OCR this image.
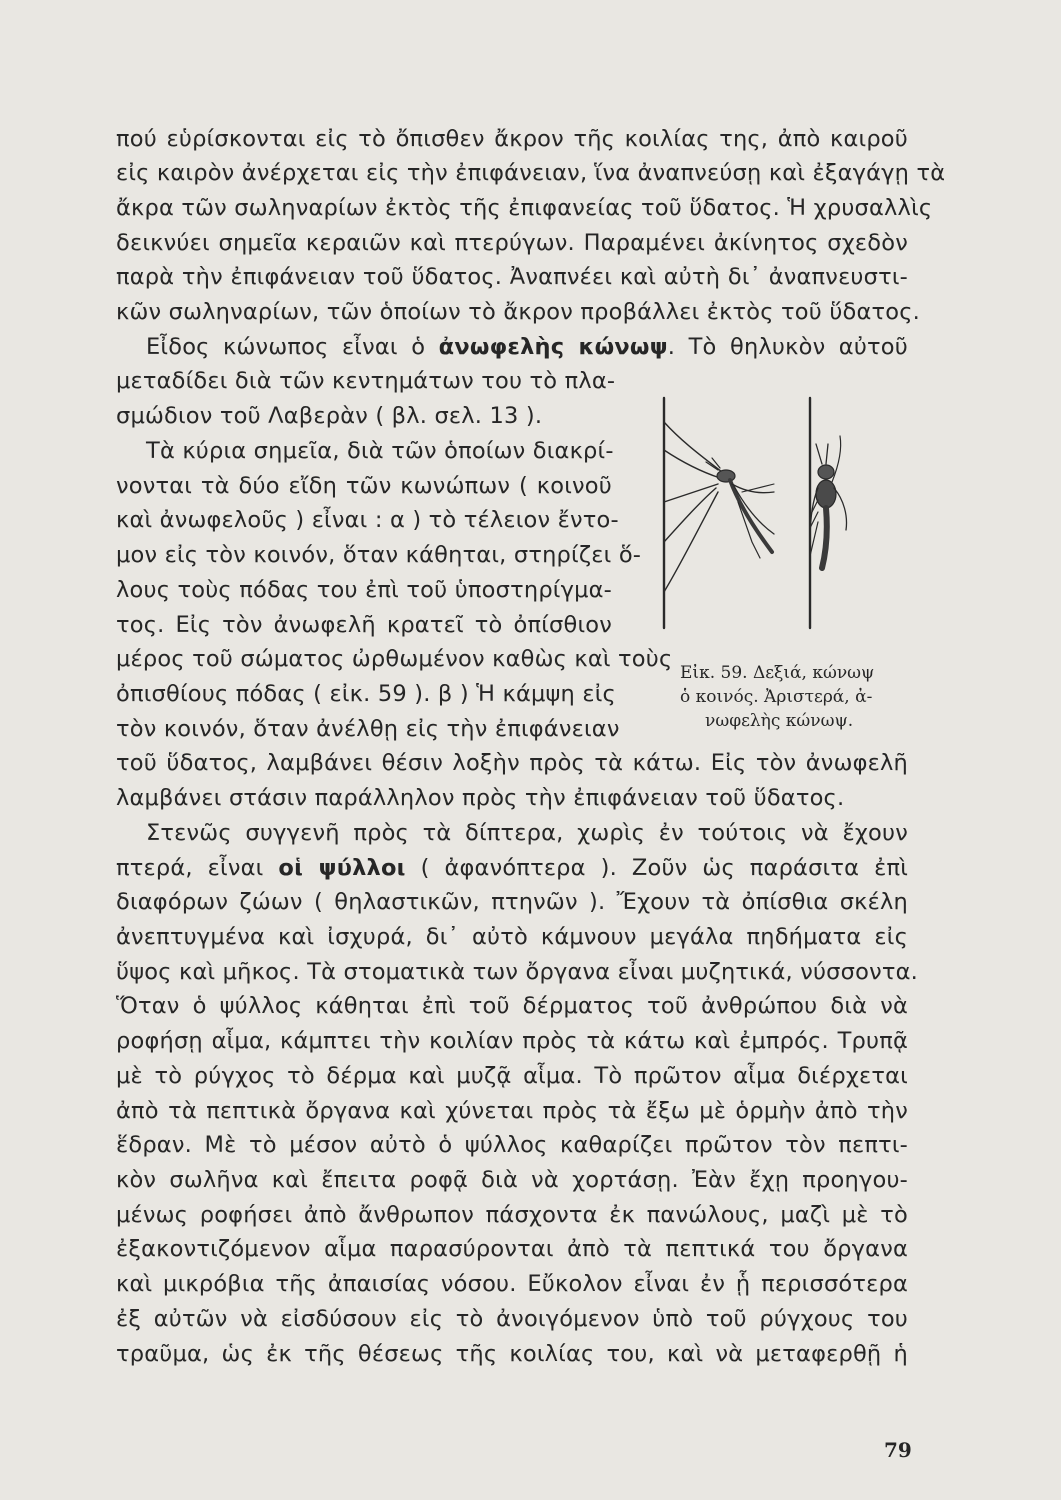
πού εὑρίσκονται εἰς τὸ ὄπισθεν ἄκρον τῆς κοιλίας της, ἀπὸ καιροῦ

εἰς καιρὸν ἀνέρχεται εἰς τὴν ἐπιφάνειαν, ἵνα ἀναπνεύσῃ καὶ ἐξαγάγῃ τὰ

ἄκρα τῶν σωληναρίων ἐκτὸς τῆς ἐπιφανείας τοῦ ὕδατος. Ἡ χρυσαλλὶς

δεικνύει σημεῖα κεραιῶν καὶ πτερύγων. Παραμένει ἀκίνητος σχεδὸν

παρὰ τὴν ἐπιφάνειαν τοῦ ὕδατος. Ἀναπνέει καὶ αὐτὴ δι᾽ ἀναπνευστι-

κῶν σωληναρίων, τῶν ὁποίων τὸ ἄκρον προβάλλει ἐκτὸς τοῦ ὕδατος.

Εἶδος κώνωπος εἶναι ὁ ἀνωφελὴς κώνωψ. Τὸ θηλυκὸν αὐτοῦ

μεταδίδει διὰ τῶν κεντημάτων του τὸ πλα-

σμώδιον τοῦ Λαβερὰν ( βλ. σελ. 13 ).

Τὰ κύρια σημεῖα, διὰ τῶν ὁποίων διακρί-

νονται τὰ δύο εἴδη τῶν κωνώπων ( κοινοῦ

καὶ ἀνωφελοῦς ) εἶναι : α ) τὸ τέλειον ἔντο-

μον εἰς τὸν κοινόν, ὅταν κάθηται, στηρίζει ὅ-

λους τοὺς πόδας του ἐπὶ τοῦ ὑποστηρίγμα-

τος. Εἰς τὸν ἀνωφελῆ κρατεῖ τὸ ὀπίσθιον

μέρος τοῦ σώματος ὠρθωμένον καθὼς καὶ τοὺς

ὀπισθίους πόδας ( εἰκ. 59 ). β ) Ἡ κάμψη εἰς

τὸν κοινόν, ὅταν ἀνέλθῃ εἰς τὴν ἐπιφάνειαν

τοῦ ὕδατος, λαμβάνει θέσιν λοξὴν πρὸς τὰ κάτω. Εἰς τὸν ἀνωφελῆ

λαμβάνει στάσιν παράλληλον πρὸς τὴν ἐπιφάνειαν τοῦ ὕδατος.

Στενῶς συγγενῆ πρὸς τὰ δίπτερα, χωρὶς ἐν τούτοις νὰ ἔχουν

πτερά, εἶναι οἱ ψύλλοι ( ἀφανόπτερα ). Ζοῦν ὡς παράσιτα ἐπὶ

διαφόρων ζώων ( θηλαστικῶν, πτηνῶν ). Ἔχουν τὰ ὀπίσθια σκέλη

ἀνεπτυγμένα καὶ ἰσχυρά, δι᾽ αὐτὸ κάμνουν μεγάλα πηδήματα εἰς

ὕψος καὶ μῆκος. Τὰ στοματικὰ των ὄργανα εἶναι μυζητικά, νύσσοντα.

Ὅταν ὁ ψύλλος κάθηται ἐπὶ τοῦ δέρματος τοῦ ἀνθρώπου διὰ νὰ

ροφήσῃ αἷμα, κάμπτει τὴν κοιλίαν πρὸς τὰ κάτω καὶ ἐμπρός. Τρυπᾷ

μὲ τὸ ρύγχος τὸ δέρμα καὶ μυζᾷ αἷμα. Τὸ πρῶτον αἷμα διέρχεται

ἀπὸ τὰ πεπτικὰ ὄργανα καὶ χύνεται πρὸς τὰ ἔξω μὲ ὁρμὴν ἀπὸ τὴν

ἕδραν. Μὲ τὸ μέσον αὐτὸ ὁ ψύλλος καθαρίζει πρῶτον τὸν πεπτι-

κὸν σωλῆνα καὶ ἔπειτα ροφᾷ διὰ νὰ χορτάσῃ. Ἐὰν ἔχῃ προηγου-

μένως ροφήσει ἀπὸ ἄνθρωπον πάσχοντα ἐκ πανώλους, μαζὶ μὲ τὸ

ἐξακοντιζόμενον αἷμα παρασύρονται ἀπὸ τὰ πεπτικά του ὄργανα

καὶ μικρόβια τῆς ἀπαισίας νόσου. Εὔκολον εἶναι ἐν ᾗ περισσότερα

ἐξ αὐτῶν νὰ εἰσδύσουν εἰς τὸ ἀνοιγόμενον ὑπὸ τοῦ ρύγχους του

τραῦμα, ὡς ἐκ τῆς θέσεως τῆς κοιλίας του, καὶ νὰ μεταφερθῇ ἡ

Εἰκ. 59. Δεξιά, κώνωψ

ὁ κοινός. Ἀριστερά, ἀ-

νωφελὴς κώνωψ.

79
